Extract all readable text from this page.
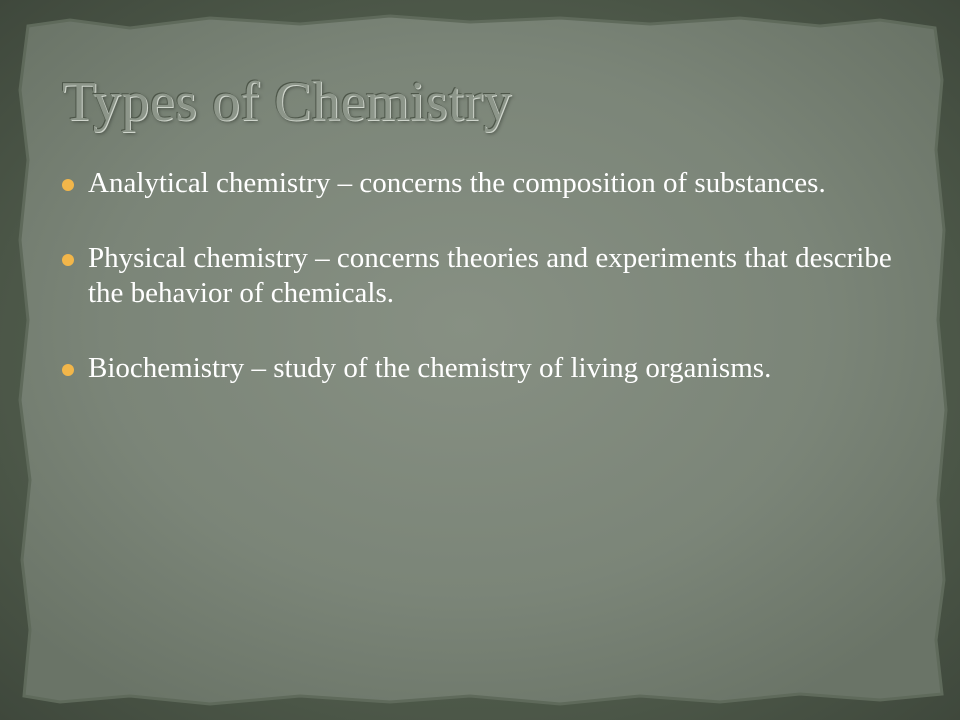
Types of Chemistry
Analytical chemistry – concerns the composition of substances.
Physical chemistry – concerns theories and experiments that describe the behavior of chemicals.
Biochemistry – study of the chemistry of living organisms.
